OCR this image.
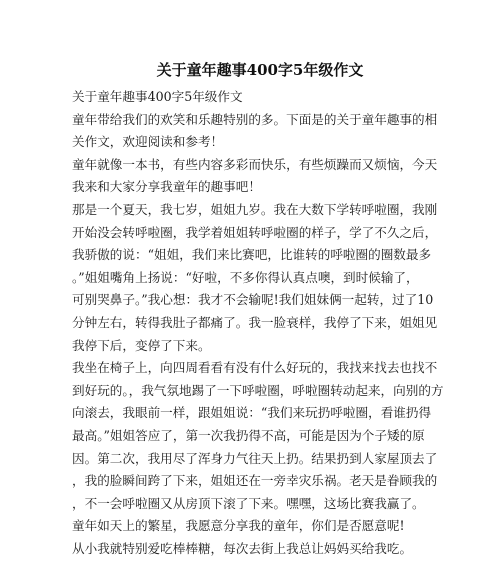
关于童年趣事400字5年级作文

关于童年趣事400字5年级作文

童年带给我们的欢笑和乐趣特别的多。下面是的关于童年趣事的相

关作文，欢迎阅读和参考！

童年就像一本书，有些内容多彩而快乐，有些烦躁而又烦恼，今天

我来和大家分享我童年的趣事吧！

那是一个夏天，我七岁，姐姐九岁。我在大数下学转呼啦圈，我刚

开始没会转呼啦圈，我学着姐姐转呼啦圈的样子，学了不久之后，

我骄傲的说：“姐姐，我们来比赛吧，比谁转的呼啦圈的圈数最多

。”姐姐嘴角上扬说：“好啦，不多你得认真点噢，到时候输了，

可别哭鼻子。”我心想：我才不会输呢!我们姐妹俩一起转，过了10

分钟左右，转得我肚子都痛了。我一脸衰样，我停了下来，姐姐见

我停下后，变停了下来。

我坐在椅子上，向四周看看有没有什么好玩的，我找来找去也找不

到好玩的。，我气氛地踢了一下呼啦圈，呼啦圈转动起来，向别的方

向滚去，我眼前一样，跟姐姐说：“我们来玩扔呼啦圈，看谁扔得

最高。”姐姐答应了，第一次我扔得不高，可能是因为个子矮的原

因。第二次，我用尽了浑身力气往天上扔。结果扔到人家屋顶去了

，我的脸瞬间跨了下来，姐姐还在一旁幸灾乐祸。老天是眷顾我的

，不一会呼啦圈又从房顶下滚了下来。嘿嘿，这场比赛我赢了。

童年如天上的繁星，我愿意分享我的童年，你们是否愿意呢!

从小我就特别爱吃棒棒糖，每次去街上我总让妈妈买给我吃。
